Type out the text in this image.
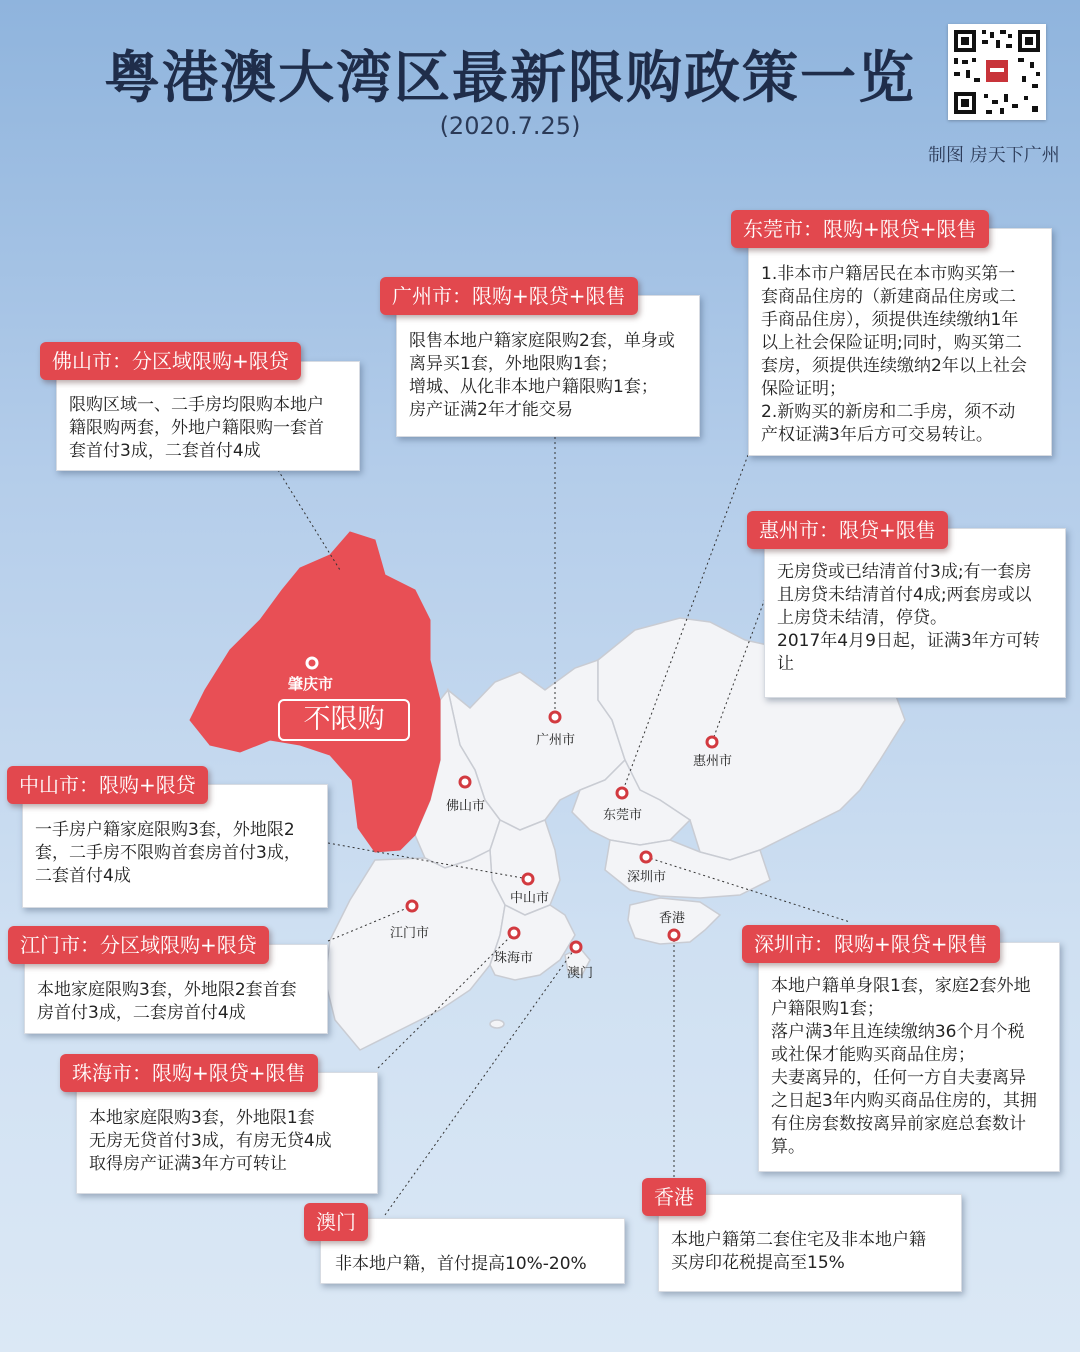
粤港澳大湾区最新限购政策一览
(2020.7.25)
制图 房天下广州
肇庆市
不限购
广州市
惠州市
佛山市
东莞市
深圳市
中山市
江门市
香港
珠海市
澳门
限购区域一、二手房均限购本地户
籍限购两套，外地户籍限购一套首
套首付3成，二套首付4成
佛山市：分区域限购+限贷
限售本地户籍家庭限购2套，单身或
离异买1套，外地限购1套；
增城、从化非本地户籍限购1套；
房产证满2年才能交易
广州市：限购+限贷+限售
1.非本市户籍居民在本市购买第一
套商品住房的（新建商品住房或二
手商品住房），须提供连续缴纳1年
以上社会保险证明;同时，购买第二
套房，须提供连续缴纳2年以上社会
保险证明；
2.新购买的新房和二手房，须不动
产权证满3年后方可交易转让。
东莞市：限购+限贷+限售
无房贷或已结清首付3成;有一套房
且房贷未结清首付4成;两套房或以
上房贷未结清，停贷。
2017年4月9日起，证满3年方可转
让
惠州市：限贷+限售
一手房户籍家庭限购3套，外地限2
套，二手房不限购首套房首付3成，
二套首付4成
中山市：限购+限贷
本地家庭限购3套，外地限2套首套
房首付3成，二套房首付4成
江门市：分区域限购+限贷
本地家庭限购3套，外地限1套
无房无贷首付3成，有房无贷4成
取得房产证满3年方可转让
珠海市：限购+限贷+限售
本地户籍单身限1套，家庭2套外地
户籍限购1套；
落户满3年且连续缴纳36个月个税
或社保才能购买商品住房；
夫妻离异的，任何一方自夫妻离异
之日起3年内购买商品住房的，其拥
有住房套数按离异前家庭总套数计
算。
深圳市：限购+限贷+限售
非本地户籍，首付提高10%-20%
澳门
本地户籍第二套住宅及非本地户籍
买房印花税提高至15%
香港
